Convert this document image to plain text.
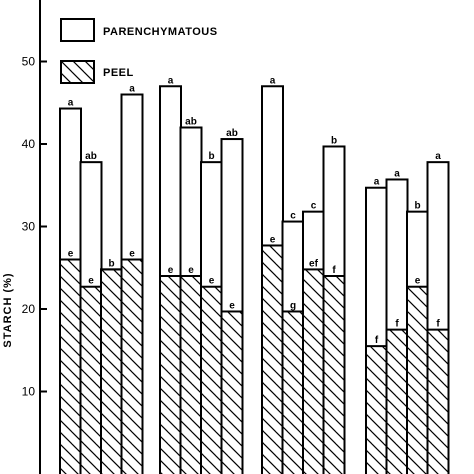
10
20
30
40
50
a
e
ab
e
b
a
e
a
e
ab
e
b
e
ab
e
a
e
c
g
c
ef
b
f
a
f
a
f
b
e
a
f
STARCH (%)
PARENCHYMATOUS
PEEL
